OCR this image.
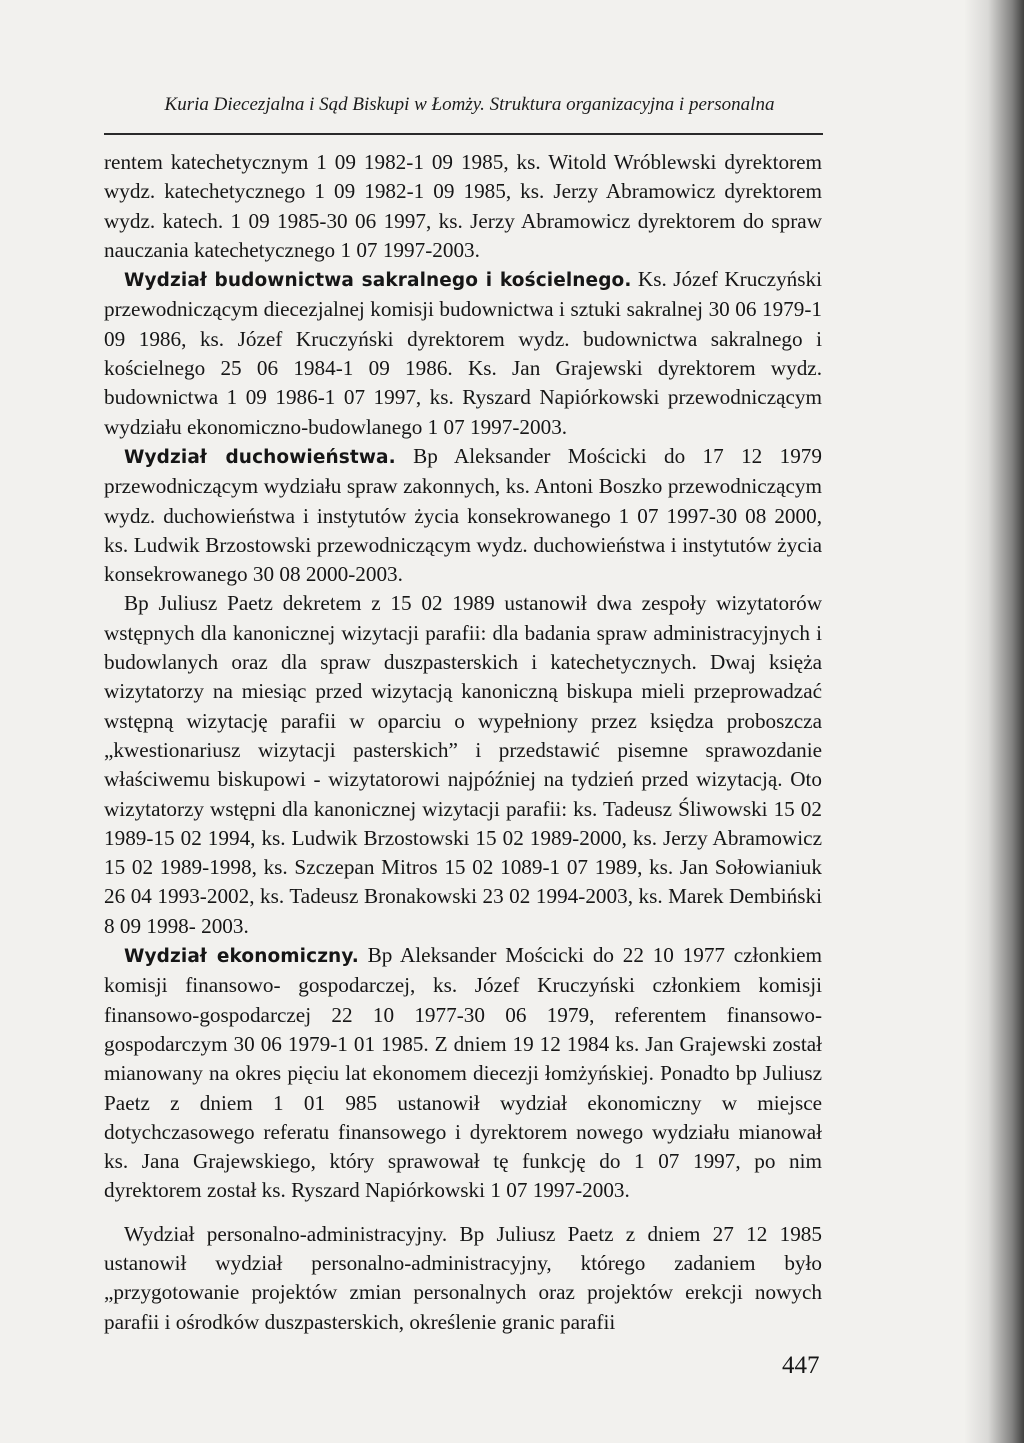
Kuria Diecezjalna i Sąd Biskupi w Łomży. Struktura organizacyjna i personalna

rentem katechetycznym 1 09 1982-1 09 1985, ks. Witold Wróblewski dyrektorem wydz. katechetycznego 1 09 1982-1 09 1985, ks. Jerzy Abramowicz dyrektorem wydz. katech. 1 09 1985-30 06 1997, ks. Jerzy Abramowicz dyrektorem do spraw nauczania katechetycznego 1 07 1997-2003.

Wydział budownictwa sakralnego i kościelnego. Ks. Józef Kruczyński przewodniczącym diecezjalnej komisji budownictwa i sztuki sakralnej 30 06 1979-1 09 1986, ks. Józef Kruczyński dyrektorem wydz. budownictwa sakralnego i kościelnego 25 06 1984-1 09 1986. Ks. Jan Grajewski dyrektorem wydz. budownictwa 1 09 1986-1 07 1997, ks. Ryszard Napiórkowski przewodniczącym wydziału ekonomiczno-budowlanego 1 07 1997-2003.

Wydział duchowieństwa. Bp Aleksander Mościcki do 17 12 1979 przewodniczącym wydziału spraw zakonnych, ks. Antoni Boszko przewodniczącym wydz. duchowieństwa i instytutów życia konsekrowanego 1 07 1997-30 08 2000, ks. Ludwik Brzostowski przewodniczącym wydz. duchowieństwa i instytutów życia konsekrowanego 30 08 2000-2003.

Bp Juliusz Paetz dekretem z 15 02 1989 ustanowił dwa zespoły wizytatorów wstępnych dla kanonicznej wizytacji parafii: dla badania spraw administracyjnych i budowlanych oraz dla spraw duszpasterskich i katechetycznych. Dwaj księża wizytatorzy na miesiąc przed wizytacją kanoniczną biskupa mieli przeprowadzać wstępną wizytację parafii w oparciu o wypełniony przez księdza proboszcza „kwestionariusz wizytacji pasterskich” i przedstawić pisemne sprawozdanie właściwemu biskupowi - wizytatorowi najpóźniej na tydzień przed wizytacją. Oto wizytatorzy wstępni dla kanonicznej wizytacji parafii: ks. Tadeusz Śliwowski 15 02 1989-15 02 1994, ks. Ludwik Brzostowski 15 02 1989-2000, ks. Jerzy Abramowicz 15 02 1989-1998, ks. Szczepan Mitros 15 02 1089-1 07 1989, ks. Jan Sołowianiuk 26 04 1993-2002, ks. Tadeusz Bronakowski 23 02 1994-2003, ks. Marek Dembiński 8 09 1998- 2003.

Wydział ekonomiczny. Bp Aleksander Mościcki do 22 10 1977 członkiem komisji finansowo- gospodarczej, ks. Józef Kruczyński członkiem komisji finansowo-gospodarczej 22 10 1977-30 06 1979, referentem finansowo-gospodarczym 30 06 1979-1 01 1985. Z dniem 19 12 1984 ks. Jan Grajewski został mianowany na okres pięciu lat ekonomem diecezji łomżyńskiej. Ponadto bp Juliusz Paetz z dniem 1 01 985 ustanowił wydział ekonomiczny w miejsce dotychczasowego referatu finansowego i dyrektorem nowego wydziału mianował ks. Jana Grajewskiego, który sprawował tę funkcję do 1 07 1997, po nim dyrektorem został ks. Ryszard Napiórkowski 1 07 1997-2003.

Wydział personalno-administracyjny. Bp Juliusz Paetz z dniem 27 12 1985 ustanowił wydział personalno-administracyjny, którego zadaniem było „przygotowanie projektów zmian personalnych oraz projektów erekcji nowych parafii i ośrodków duszpasterskich, określenie granic parafii

447
